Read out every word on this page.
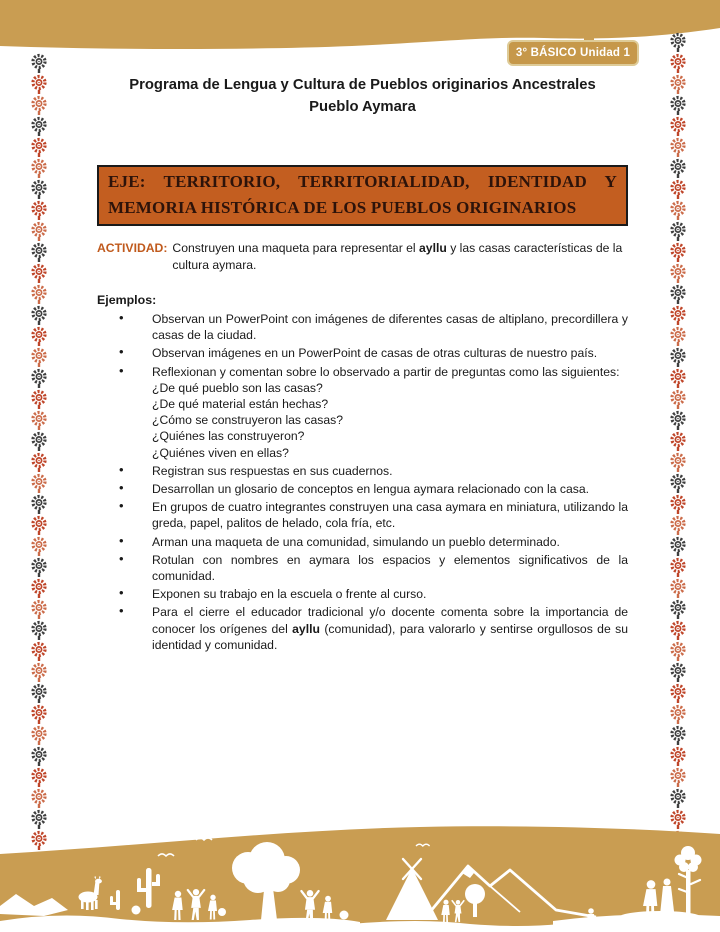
3° BÁSICO Unidad 1
Programa de Lengua y Cultura de Pueblos originarios Ancestrales
Pueblo Aymara
EJE: TERRITORIO, TERRITORIALIDAD, IDENTIDAD Y
MEMORIA HISTÓRICA DE LOS PUEBLOS ORIGINARIOS
ACTIVIDAD: Construyen una maqueta para representar el ayllu y las casas características de la cultura aymara.
Ejemplos:
• Observan un PowerPoint con imágenes de diferentes casas de altiplano, precordillera y casas de la ciudad.
• Observan imágenes en un PowerPoint de casas de otras culturas de nuestro país.
• Reflexionan y comentan sobre lo observado a partir de preguntas como las siguientes:
¿De qué pueblo son las casas?
¿De qué material están hechas?
¿Cómo se construyeron las casas?
¿Quiénes las construyeron?
¿Quiénes viven en ellas?
• Registran sus respuestas en sus cuadernos.
• Desarrollan un glosario de conceptos en lengua aymara relacionado con la casa.
• En grupos de cuatro integrantes construyen una casa aymara en miniatura, utilizando la greda, papel, palitos de helado, cola fría, etc.
• Arman una maqueta de una comunidad, simulando un pueblo determinado.
• Rotulan con nombres en aymara los espacios y elementos significativos de la comunidad.
• Exponen su trabajo en la escuela o frente al curso.
• Para el cierre el educador tradicional y/o docente comenta sobre la importancia de conocer los orígenes del ayllu (comunidad), para valorarlo y sentirse orgullosos de su identidad y comunidad.
